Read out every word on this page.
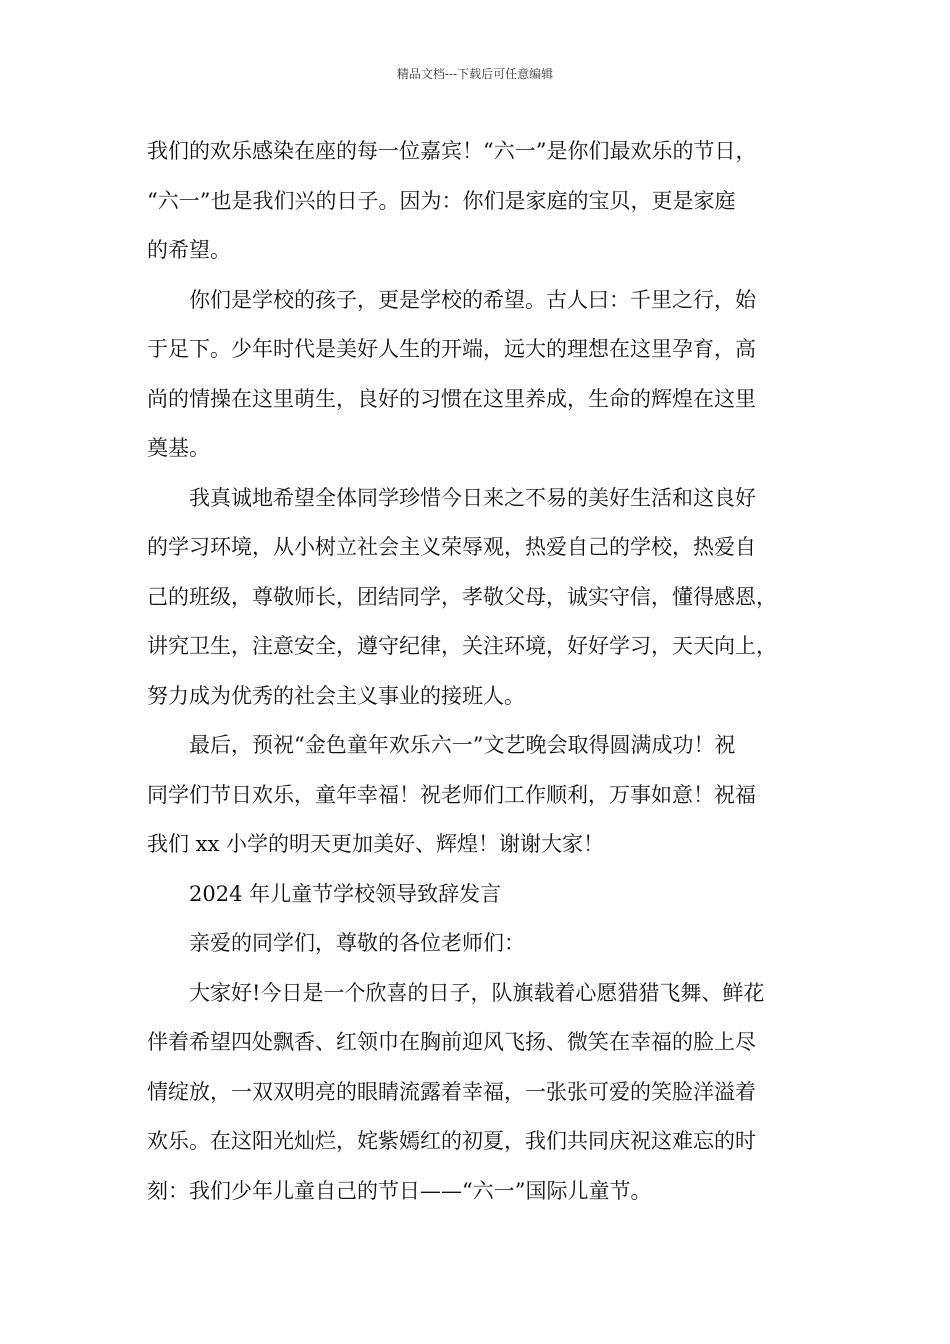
精品文档---下载后可任意编辑
我们的欢乐感染在座的每一位嘉宾！“六一”是你们最欢乐的节日，
“六一”也是我们兴的日子。因为：你们是家庭的宝贝，更是家庭
的希望。
你们是学校的孩子，更是学校的希望。古人曰：千里之行，始
于足下。少年时代是美好人生的开端，远大的理想在这里孕育，高
尚的情操在这里萌生，良好的习惯在这里养成，生命的辉煌在这里
奠基。
我真诚地希望全体同学珍惜今日来之不易的美好生活和这良好
的学习环境，从小树立社会主义荣辱观，热爱自己的学校，热爱自
己的班级，尊敬师长，团结同学，孝敬父母，诚实守信，懂得感恩，
讲究卫生，注意安全，遵守纪律，关注环境，好好学习，天天向上，
努力成为优秀的社会主义事业的接班人。
最后，预祝“金色童年欢乐六一”文艺晚会取得圆满成功！祝
同学们节日欢乐，童年幸福！祝老师们工作顺利，万事如意！祝福
我们 xx 小学的明天更加美好、辉煌！谢谢大家！
2024 年儿童节学校领导致辞发言
亲爱的同学们，尊敬的各位老师们：
大家好!今日是一个欣喜的日子，队旗载着心愿猎猎飞舞、鲜花
伴着希望四处飘香、红领巾在胸前迎风飞扬、微笑在幸福的脸上尽
情绽放，一双双明亮的眼睛流露着幸福，一张张可爱的笑脸洋溢着
欢乐。在这阳光灿烂，姹紫嫣红的初夏，我们共同庆祝这难忘的时
刻：我们少年儿童自己的节日——“六一”国际儿童节。
